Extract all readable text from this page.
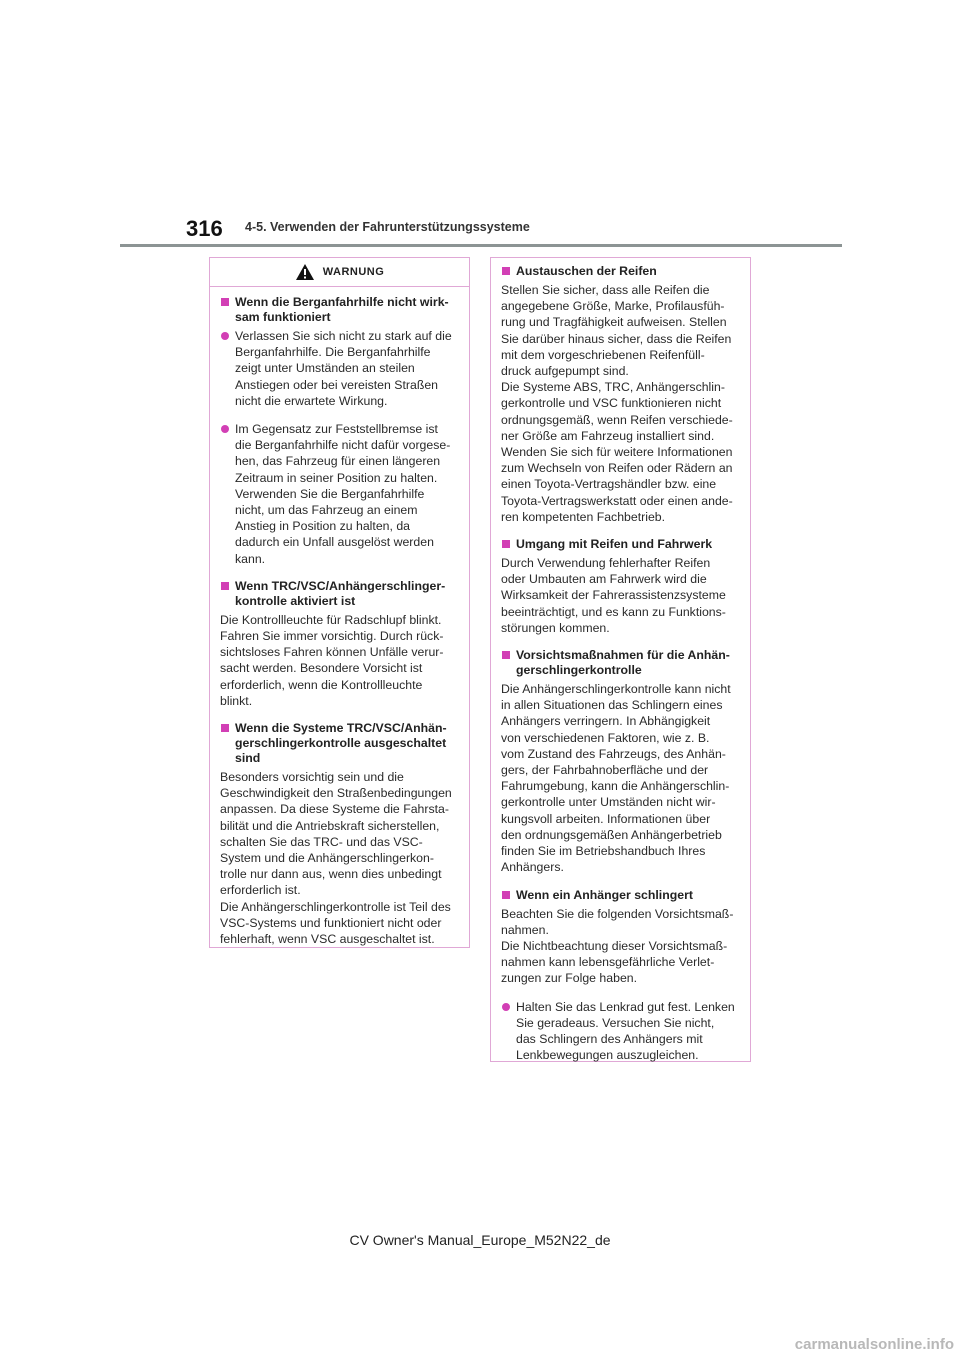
316 4-5. Verwenden der Fahrunterstützungssysteme
WARNUNG
Wenn die Berganfahrhilfe nicht wirk-
sam funktioniert
Verlassen Sie sich nicht zu stark auf die
Berganfahrhilfe. Die Berganfahrhilfe
zeigt unter Umständen an steilen
Anstiegen oder bei vereisten Straßen
nicht die erwartete Wirkung.
Im Gegensatz zur Feststellbremse ist
die Berganfahrhilfe nicht dafür vorgese-
hen, das Fahrzeug für einen längeren
Zeitraum in seiner Position zu halten.
Verwenden Sie die Berganfahrhilfe
nicht, um das Fahrzeug an einem
Anstieg in Position zu halten, da
dadurch ein Unfall ausgelöst werden
kann.
Wenn TRC/VSC/Anhängerschlinger-
kontrolle aktiviert ist
Die Kontrollleuchte für Radschlupf blinkt.
Fahren Sie immer vorsichtig. Durch rück-
sichtsloses Fahren können Unfälle verur-
sacht werden. Besondere Vorsicht ist
erforderlich, wenn die Kontrollleuchte
blinkt.
Wenn die Systeme TRC/VSC/Anhän-
gerschlingerkontrolle ausgeschaltet
sind
Besonders vorsichtig sein und die
Geschwindigkeit den Straßenbedingungen
anpassen. Da diese Systeme die Fahrsta-
bilität und die Antriebskraft sicherstellen,
schalten Sie das TRC- und das VSC-
System und die Anhängerschlingerkon-
trolle nur dann aus, wenn dies unbedingt
erforderlich ist.
Die Anhängerschlingerkontrolle ist Teil des
VSC-Systems und funktioniert nicht oder
fehlerhaft, wenn VSC ausgeschaltet ist.
Austauschen der Reifen
Stellen Sie sicher, dass alle Reifen die
angegebene Größe, Marke, Profilausfüh-
rung und Tragfähigkeit aufweisen. Stellen
Sie darüber hinaus sicher, dass die Reifen
mit dem vorgeschriebenen Reifenfüll-
druck aufgepumpt sind.
Die Systeme ABS, TRC, Anhängerschlin-
gerkontrolle und VSC funktionieren nicht
ordnungsgemäß, wenn Reifen verschiede-
ner Größe am Fahrzeug installiert sind.
Wenden Sie sich für weitere Informationen
zum Wechseln von Reifen oder Rädern an
einen Toyota-Vertragshändler bzw. eine
Toyota-Vertragswerkstatt oder einen ande-
ren kompetenten Fachbetrieb.
Umgang mit Reifen und Fahrwerk
Durch Verwendung fehlerhafter Reifen
oder Umbauten am Fahrwerk wird die
Wirksamkeit der Fahrerassistenzsysteme
beeinträchtigt, und es kann zu Funktions-
störungen kommen.
Vorsichtsmaßnahmen für die Anhän-
gerschlingerkontrolle
Die Anhängerschlingerkontrolle kann nicht
in allen Situationen das Schlingern eines
Anhängers verringern. In Abhängigkeit
von verschiedenen Faktoren, wie z. B.
vom Zustand des Fahrzeugs, des Anhän-
gers, der Fahrbahnoberfläche und der
Fahrumgebung, kann die Anhängerschlin-
gerkontrolle unter Umständen nicht wir-
kungsvoll arbeiten. Informationen über
den ordnungsgemäßen Anhängerbetrieb
finden Sie im Betriebshandbuch Ihres
Anhängers.
Wenn ein Anhänger schlingert
Beachten Sie die folgenden Vorsichtsmaß-
nahmen.
Die Nichtbeachtung dieser Vorsichtsmaß-
nahmen kann lebensgefährliche Verlet-
zungen zur Folge haben.
Halten Sie das Lenkrad gut fest. Lenken
Sie geradeaus. Versuchen Sie nicht,
das Schlingern des Anhängers mit
Lenkbewegungen auszugleichen.
CV Owner's Manual_Europe_M52N22_de
carmanualsonline.info
